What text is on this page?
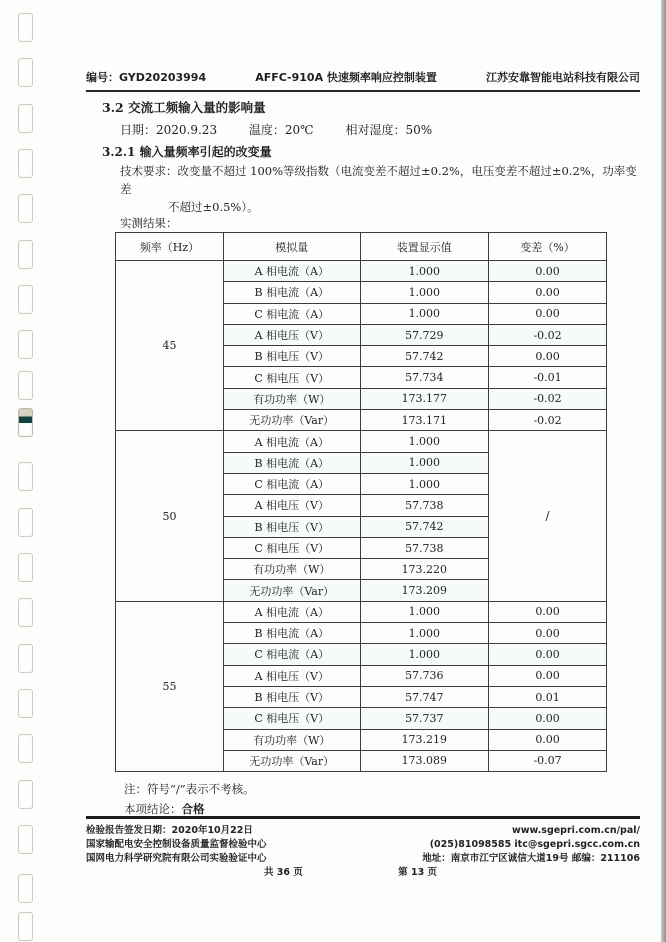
编号：GYD20203994	AFFC-910A 快速频率响应控制装置	江苏安靠智能电站科技有限公司
3.2 交流工频输入量的影响量
日期：2020.9.23	温度：20℃	相对湿度：50%
3.2.1 输入量频率引起的改变量
技术要求：改变量不超过 100%等级指数（电流变差不超过±0.2%，电压变差不超过±0.2%，功率变差
不超过±0.5%）。
实测结果：
频率（Hz）	模拟量	装置显示值	变差（%）
45	A 相电流（A）	1.000	0.00
	B 相电流（A）	1.000	0.00
	C 相电流（A）	1.000	0.00
	A 相电压（V）	57.729	-0.02
	B 相电压（V）	57.742	0.00
	C 相电压（V）	57.734	-0.01
	有功功率（W）	173.177	-0.02
	无功功率（Var）	173.171	-0.02
50	A 相电流（A）	1.000	/
	B 相电流（A）	1.000	
	C 相电流（A）	1.000	
	A 相电压（V）	57.738	
	B 相电压（V）	57.742	
	C 相电压（V）	57.738	
	有功功率（W）	173.220	
	无功功率（Var）	173.209	
55	A 相电流（A）	1.000	0.00
	B 相电流（A）	1.000	0.00
	C 相电流（A）	1.000	0.00
	A 相电压（V）	57.736	0.00
	B 相电压（V）	57.747	0.01
	C 相电压（V）	57.737	0.00
	有功功率（W）	173.219	0.00
	无功功率（Var）	173.089	-0.07
注：符号“/”表示不考核。
本项结论：合格
检验报告签发日期：2020年10月22日	www.sgepri.com.cn/pal/
国家输配电安全控制设备质量监督检验中心	(025)81098585 itc@sgepri.sgcc.com.cn
国网电力科学研究院有限公司实验验证中心	地址：南京市江宁区诚信大道19号 邮编：211106
共 36 页	第 13 页
